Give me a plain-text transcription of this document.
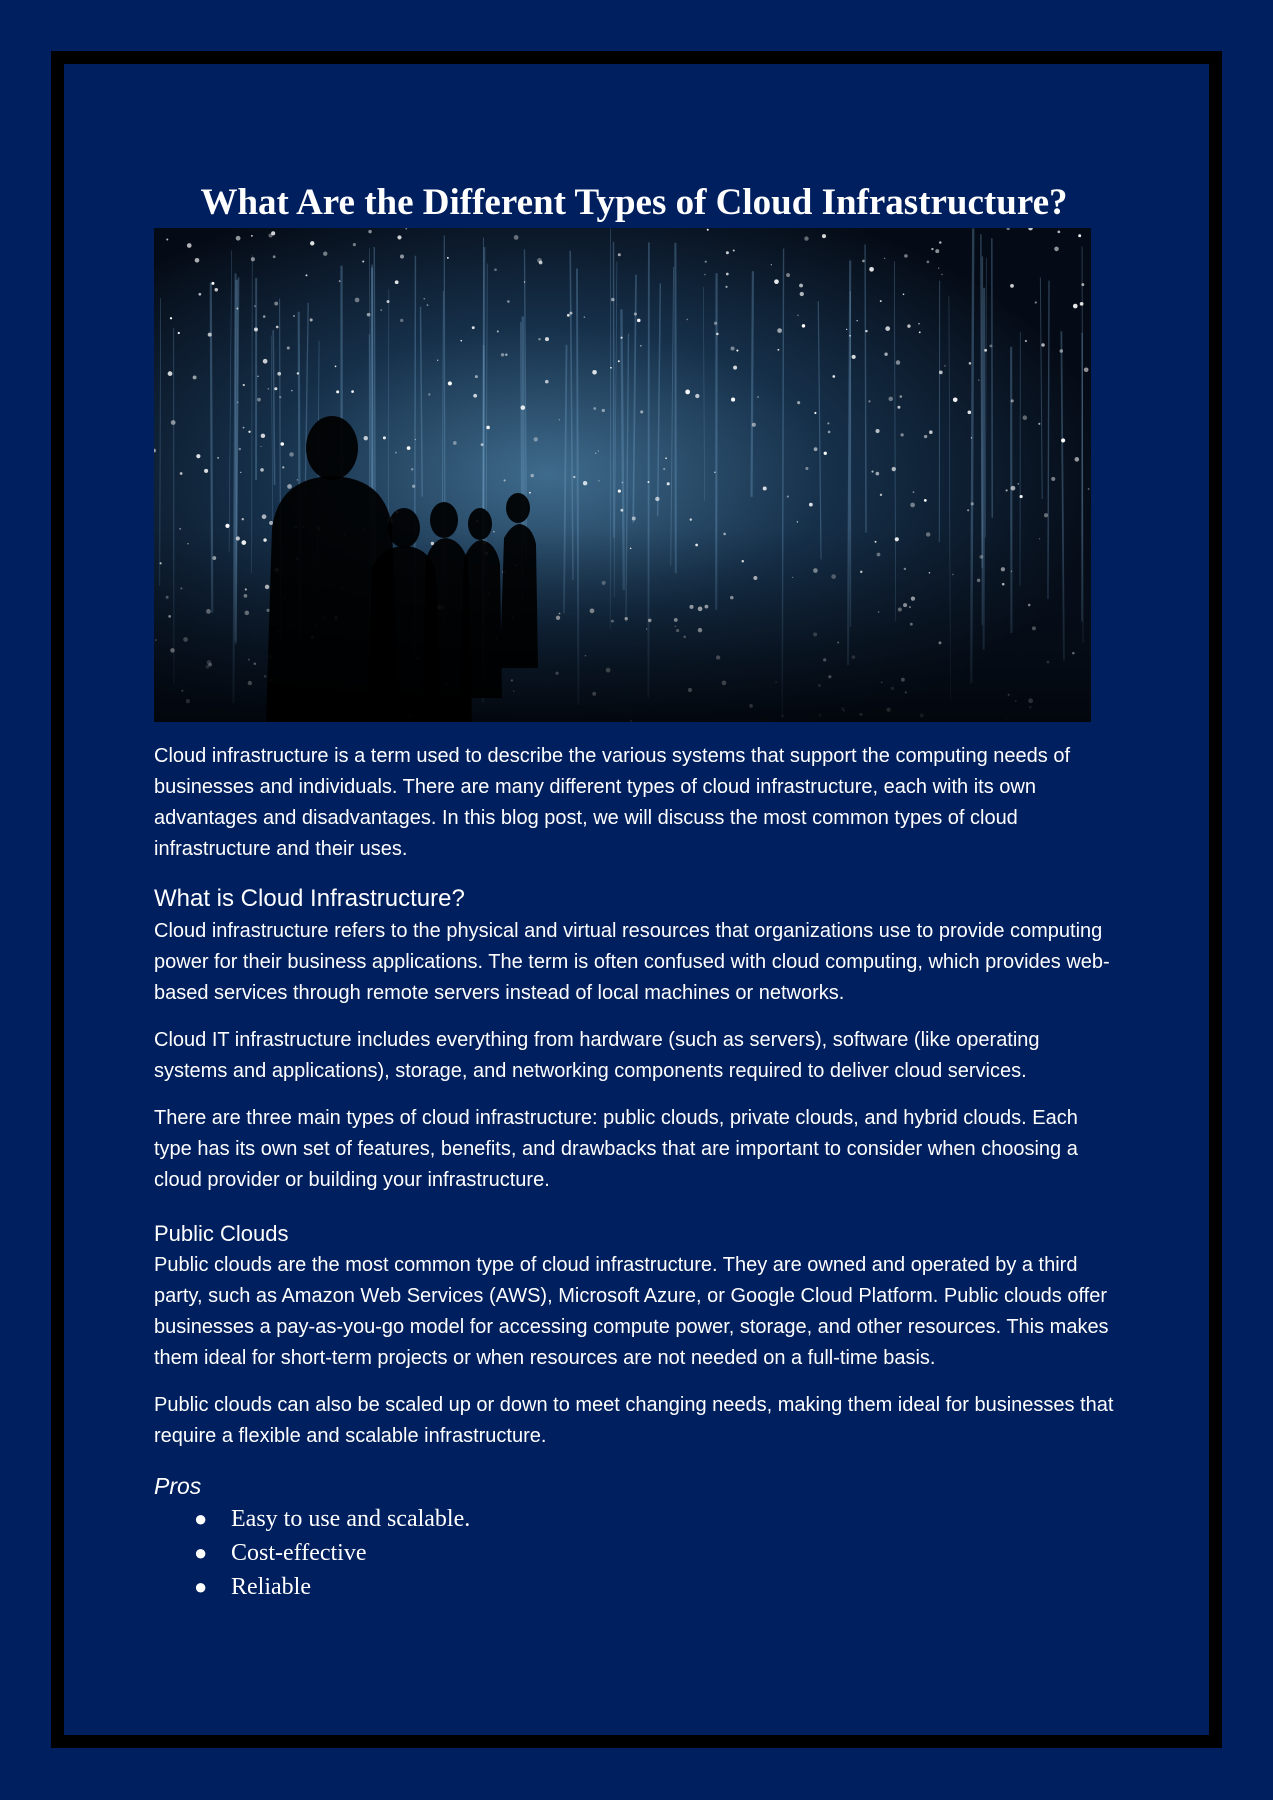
What Are the Different Types of Cloud Infrastructure?

Cloud infrastructure is a term used to describe the various systems that support the computing needs of businesses and individuals. There are many different types of cloud infrastructure, each with its own advantages and disadvantages. In this blog post, we will discuss the most common types of cloud infrastructure and their uses.

What is Cloud Infrastructure?

Cloud infrastructure refers to the physical and virtual resources that organizations use to provide computing power for their business applications. The term is often confused with cloud computing, which provides web-based services through remote servers instead of local machines or networks.

Cloud IT infrastructure includes everything from hardware (such as servers), software (like operating systems and applications), storage, and networking components required to deliver cloud services.

There are three main types of cloud infrastructure: public clouds, private clouds, and hybrid clouds. Each type has its own set of features, benefits, and drawbacks that are important to consider when choosing a cloud provider or building your infrastructure.

Public Clouds

Public clouds are the most common type of cloud infrastructure. They are owned and operated by a third party, such as Amazon Web Services (AWS), Microsoft Azure, or Google Cloud Platform. Public clouds offer businesses a pay-as-you-go model for accessing compute power, storage, and other resources. This makes them ideal for short-term projects or when resources are not needed on a full-time basis.

Public clouds can also be scaled up or down to meet changing needs, making them ideal for businesses that require a flexible and scalable infrastructure.

Pros

● Easy to use and scalable.
● Cost-effective
● Reliable
